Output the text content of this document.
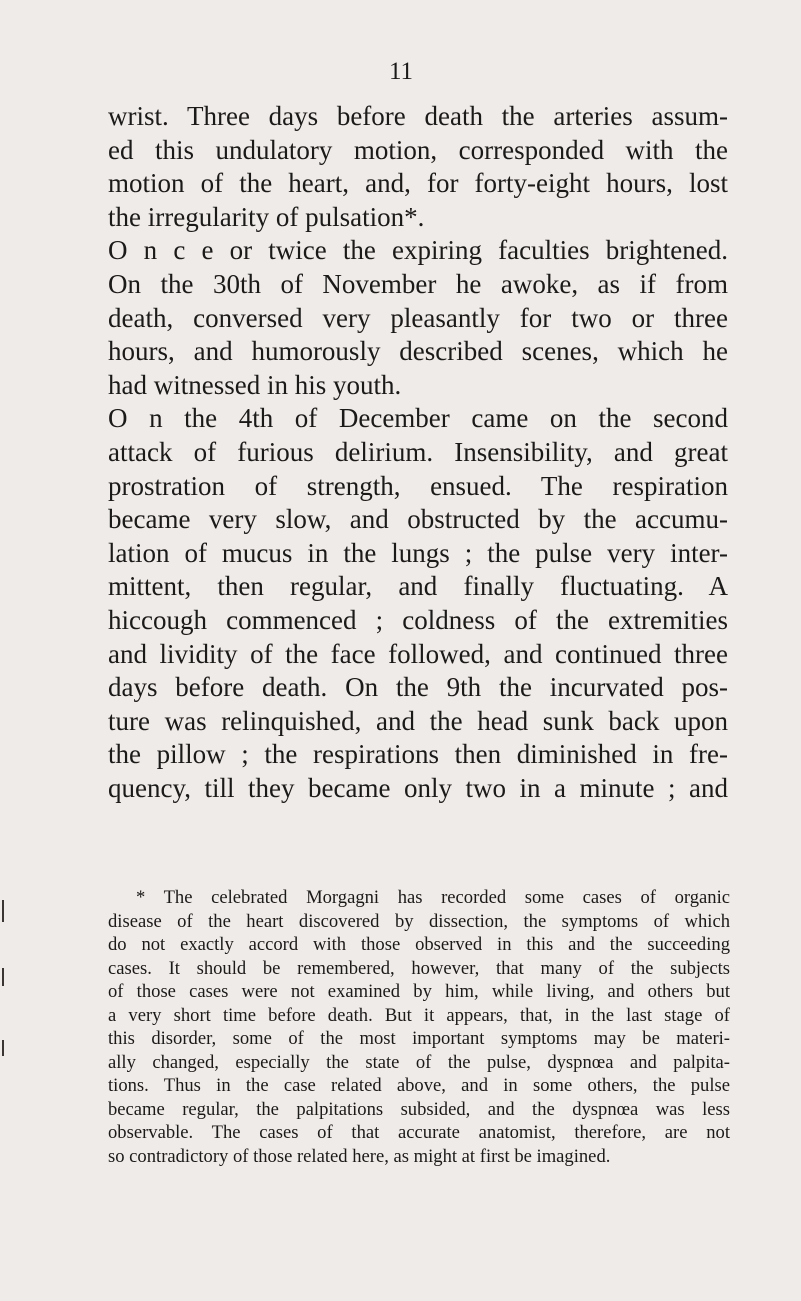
11
wrist. Three days before death the arteries assum-
ed this undulatory motion, corresponded with the
motion of the heart, and, for forty-eight hours, lost
the irregularity of pulsation*.
O n c e or twice the expiring faculties brightened.
On the 30th of November he awoke, as if from
death, conversed very pleasantly for two or three
hours, and humorously described scenes, which he
had witnessed in his youth.
O n the 4th of December came on the second
attack of furious delirium. Insensibility, and great
prostration of strength, ensued. The respiration
became very slow, and obstructed by the accumu-
lation of mucus in the lungs ; the pulse very inter-
mittent, then regular, and finally fluctuating. A
hiccough commenced ; coldness of the extremities
and lividity of the face followed, and continued three
days before death. On the 9th the incurvated pos-
ture was relinquished, and the head sunk back upon
the pillow ; the respirations then diminished in fre-
quency, till they became only two in a minute ; and
* The celebrated Morgagni has recorded some cases of organic
disease of the heart discovered by dissection, the symptoms of which
do not exactly accord with those observed in this and the succeeding
cases. It should be remembered, however, that many of the subjects
of those cases were not examined by him, while living, and others but
a very short time before death. But it appears, that, in the last stage of
this disorder, some of the most important symptoms may be materi-
ally changed, especially the state of the pulse, dyspnœa and palpita-
tions. Thus in the case related above, and in some others, the pulse
became regular, the palpitations subsided, and the dyspnœa was less
observable. The cases of that accurate anatomist, therefore, are not
so contradictory of those related here, as might at first be imagined.
